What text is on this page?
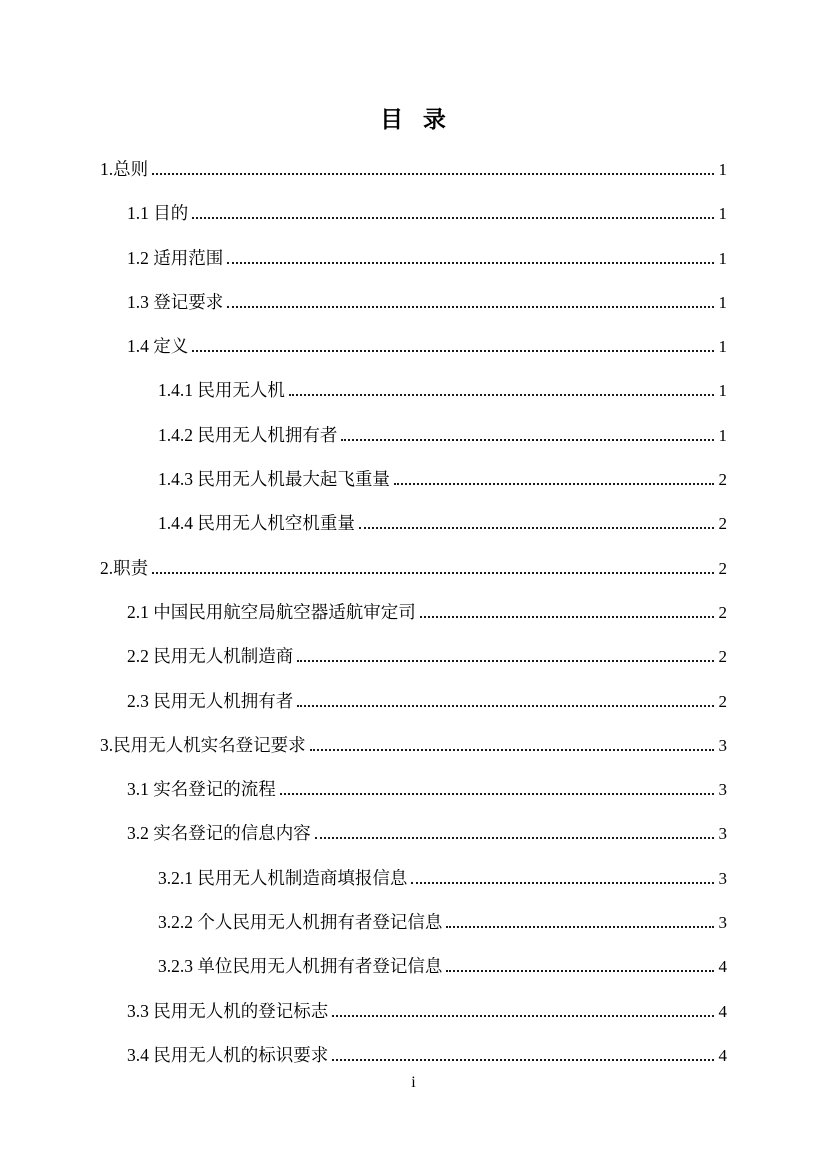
目 录
1.总则	1
1.1 目的	1
1.2 适用范围	1
1.3 登记要求	1
1.4 定义	1
1.4.1 民用无人机	1
1.4.2 民用无人机拥有者	1
1.4.3 民用无人机最大起飞重量	2
1.4.4 民用无人机空机重量	2
2.职责	2
2.1 中国民用航空局航空器适航审定司	2
2.2 民用无人机制造商	2
2.3 民用无人机拥有者	2
3.民用无人机实名登记要求	3
3.1 实名登记的流程	3
3.2 实名登记的信息内容	3
3.2.1 民用无人机制造商填报信息	3
3.2.2 个人民用无人机拥有者登记信息	3
3.2.3 单位民用无人机拥有者登记信息	4
3.3 民用无人机的登记标志	4
3.4 民用无人机的标识要求	4
i
